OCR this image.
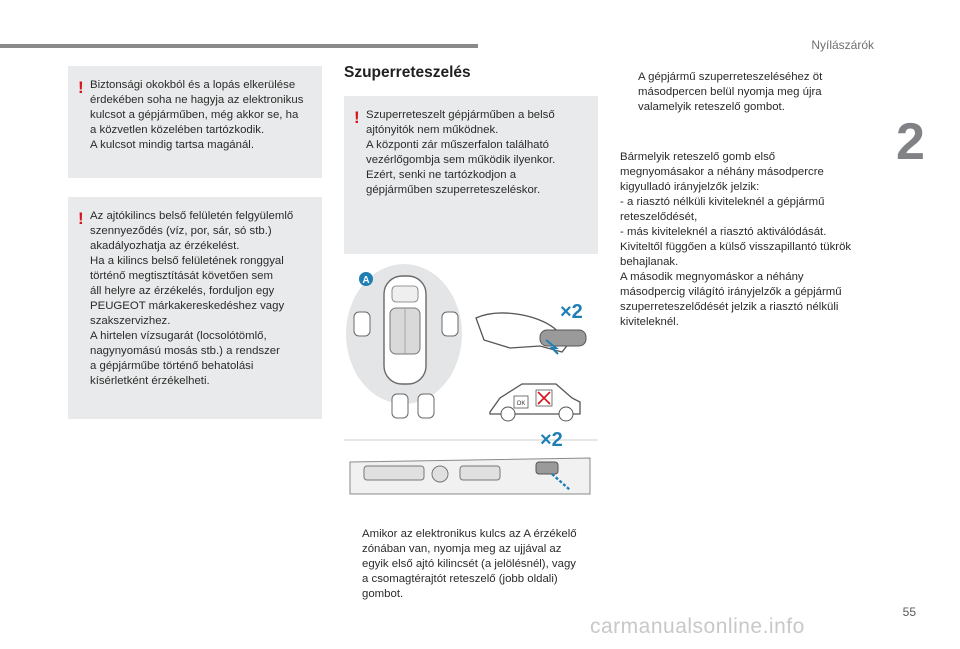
Nyílászárók
2
! Biztonsági okokból és a lopás elkerülése
érdekében soha ne hagyja az elektronikus
kulcsot a gépjárműben, még akkor se, ha
a közvetlen közelében tartózkodik.
A kulcsot mindig tartsa magánál.
! Az ajtókilincs belső felületén felgyülemlő
szennyeződés (víz, por, sár, só stb.)
akadályozhatja az érzékelést.
Ha a kilincs belső felületének ronggyal
történő megtisztítását követően sem
áll helyre az érzékelés, forduljon egy
PEUGEOT márkakereskedéshez vagy
szakszervizhez.
A hirtelen vízsugarát (locsolótömlő,
nagynyomású mosás stb.) a rendszer
a gépjárműbe történő behatolási
kísérletként érzékelheti.
Szuperreteszelés
! Szuperreteszelt gépjárműben a belső
ajtónyitók nem működnek.
A központi zár műszerfalon található
vezérlőgombja sem működik ilyenkor.
Ezért, senki ne tartózkodjon a
gépjárműben szuperreteszeléskor.
A
×2
OK
×2
Amikor az elektronikus kulcs az A érzékelő
zónában van, nyomja meg az ujjával az
egyik első ajtó kilincsét (a jelölésnél), vagy
a csomagtérajtót reteszelő (jobb oldali)
gombot.
A gépjármű szuperreteszeléséhez öt
másodpercen belül nyomja meg újra
valamelyik reteszelő gombot.
Bármelyik reteszelő gomb első
megnyomásakor a néhány másodpercre
kigyulladó irányjelzők jelzik:
- a riasztó nélküli kiviteleknél a gépjármű
reteszelődését,
- más kiviteleknél a riasztó aktiválódását.
Kiviteltől függően a külső visszapillantó tükrök
behajlanak.
A második megnyomáskor a néhány
másodpercig világító irányjelzők a gépjármű
szuperreteszelődését jelzik a riasztó nélküli
kiviteleknél.
55
carmanualsonline.info
